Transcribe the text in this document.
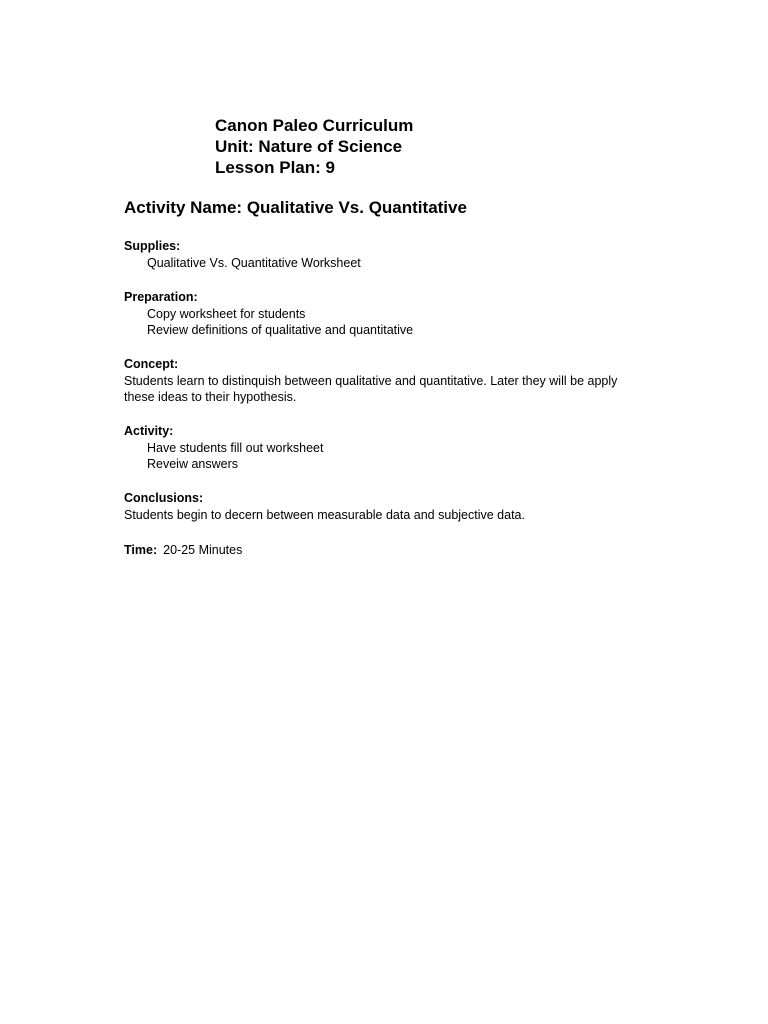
Canon Paleo Curriculum
Unit: Nature of Science
Lesson Plan: 9
Activity Name: Qualitative Vs. Quantitative
Supplies:
Qualitative Vs. Quantitative Worksheet
Preparation:
Copy worksheet for students
Review definitions of qualitative and quantitative
Concept:
Students learn to distinquish between qualitative and quantitative. Later they will be apply these ideas to their hypothesis.
Activity:
Have students fill out worksheet
Reveiw answers
Conclusions:
Students begin to decern between measurable data and subjective data.
Time: 20-25 Minutes
